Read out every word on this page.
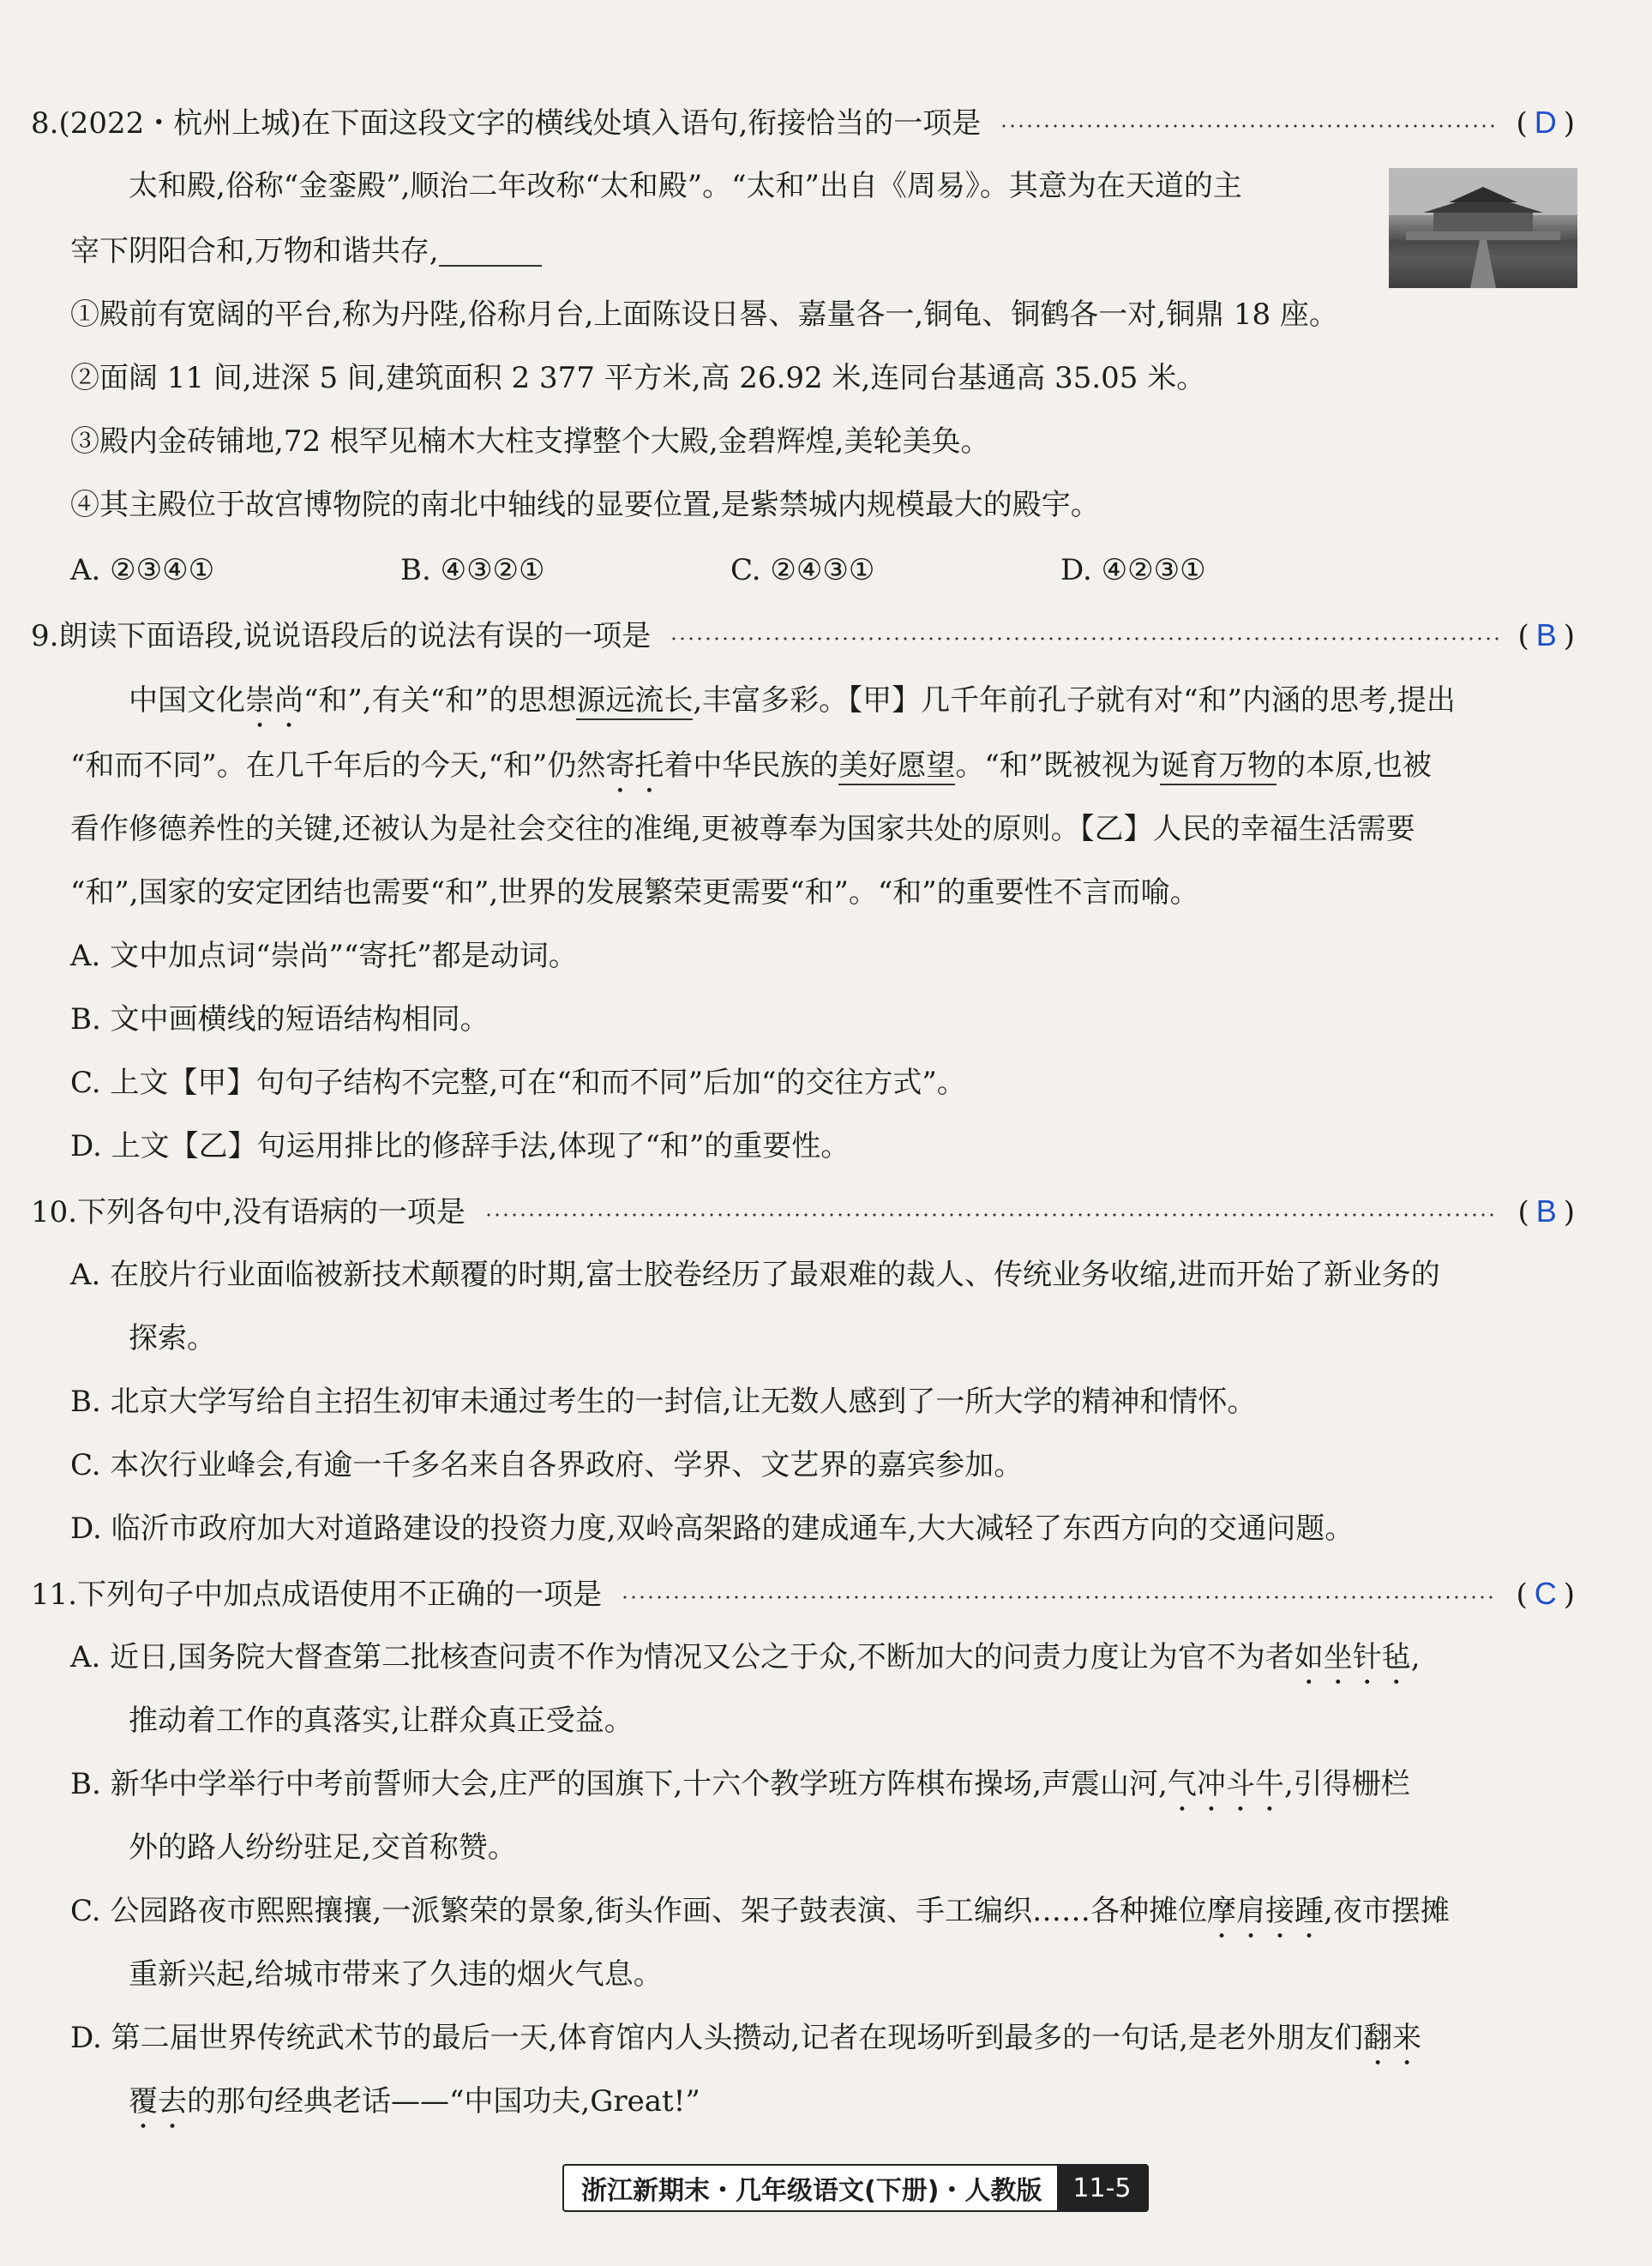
8.(2022・杭州上城)在下面这段文字的横线处填入语句,衔接恰当的一项是	( D )
太和殿,俗称“金銮殿”,顺治二年改称“太和殿”。“太和”出自《周易》。其意为在天道的主
宰下阴阳合和,万物和谐共存,
①殿前有宽阔的平台,称为丹陛,俗称月台,上面陈设日晷、嘉量各一,铜龟、铜鹤各一对,铜鼎 18 座。
②面阔 11 间,进深 5 间,建筑面积 2 377 平方米,高 26.92 米,连同台基通高 35.05 米。
③殿内金砖铺地,72 根罕见楠木大柱支撑整个大殿,金碧辉煌,美轮美奂。
④其主殿位于故宫博物院的南北中轴线的显要位置,是紫禁城内规模最大的殿宇。
A. ②③④①	B. ④③②①	C. ②④③①	D. ④②③①
9.朗读下面语段,说说语段后的说法有误的一项是	( B )
中国文化崇尚“和”,有关“和”的思想源远流长,丰富多彩。【甲】几千年前孔子就有对“和”内涵的思考,提出
“和而不同”。在几千年后的今天,“和”仍然寄托着中华民族的美好愿望。“和”既被视为诞育万物的本原,也被
看作修德养性的关键,还被认为是社会交往的准绳,更被尊奉为国家共处的原则。【乙】人民的幸福生活需要
“和”,国家的安定团结也需要“和”,世界的发展繁荣更需要“和”。“和”的重要性不言而喻。
A. 文中加点词“崇尚”“寄托”都是动词。
B. 文中画横线的短语结构相同。
C. 上文【甲】句句子结构不完整,可在“和而不同”后加“的交往方式”。
D. 上文【乙】句运用排比的修辞手法,体现了“和”的重要性。
10.下列各句中,没有语病的一项是	( B )
A. 在胶片行业面临被新技术颠覆的时期,富士胶卷经历了最艰难的裁人、传统业务收缩,进而开始了新业务的
探索。
B. 北京大学写给自主招生初审未通过考生的一封信,让无数人感到了一所大学的精神和情怀。
C. 本次行业峰会,有逾一千多名来自各界政府、学界、文艺界的嘉宾参加。
D. 临沂市政府加大对道路建设的投资力度,双岭高架路的建成通车,大大减轻了东西方向的交通问题。
11.下列句子中加点成语使用不正确的一项是	( C )
A. 近日,国务院大督查第二批核查问责不作为情况又公之于众,不断加大的问责力度让为官不为者如坐针毡,
推动着工作的真落实,让群众真正受益。
B. 新华中学举行中考前誓师大会,庄严的国旗下,十六个教学班方阵棋布操场,声震山河,气冲斗牛,引得栅栏
外的路人纷纷驻足,交首称赞。
C. 公园路夜市熙熙攘攘,一派繁荣的景象,街头作画、架子鼓表演、手工编织……各种摊位摩肩接踵,夜市摆摊
重新兴起,给城市带来了久违的烟火气息。
D. 第二届世界传统武术节的最后一天,体育馆内人头攒动,记者在现场听到最多的一句话,是老外朋友们翻来
覆去的那句经典老话——“中国功夫,Great!”
浙江新期末・几年级语文(下册)・人教版	11-5
